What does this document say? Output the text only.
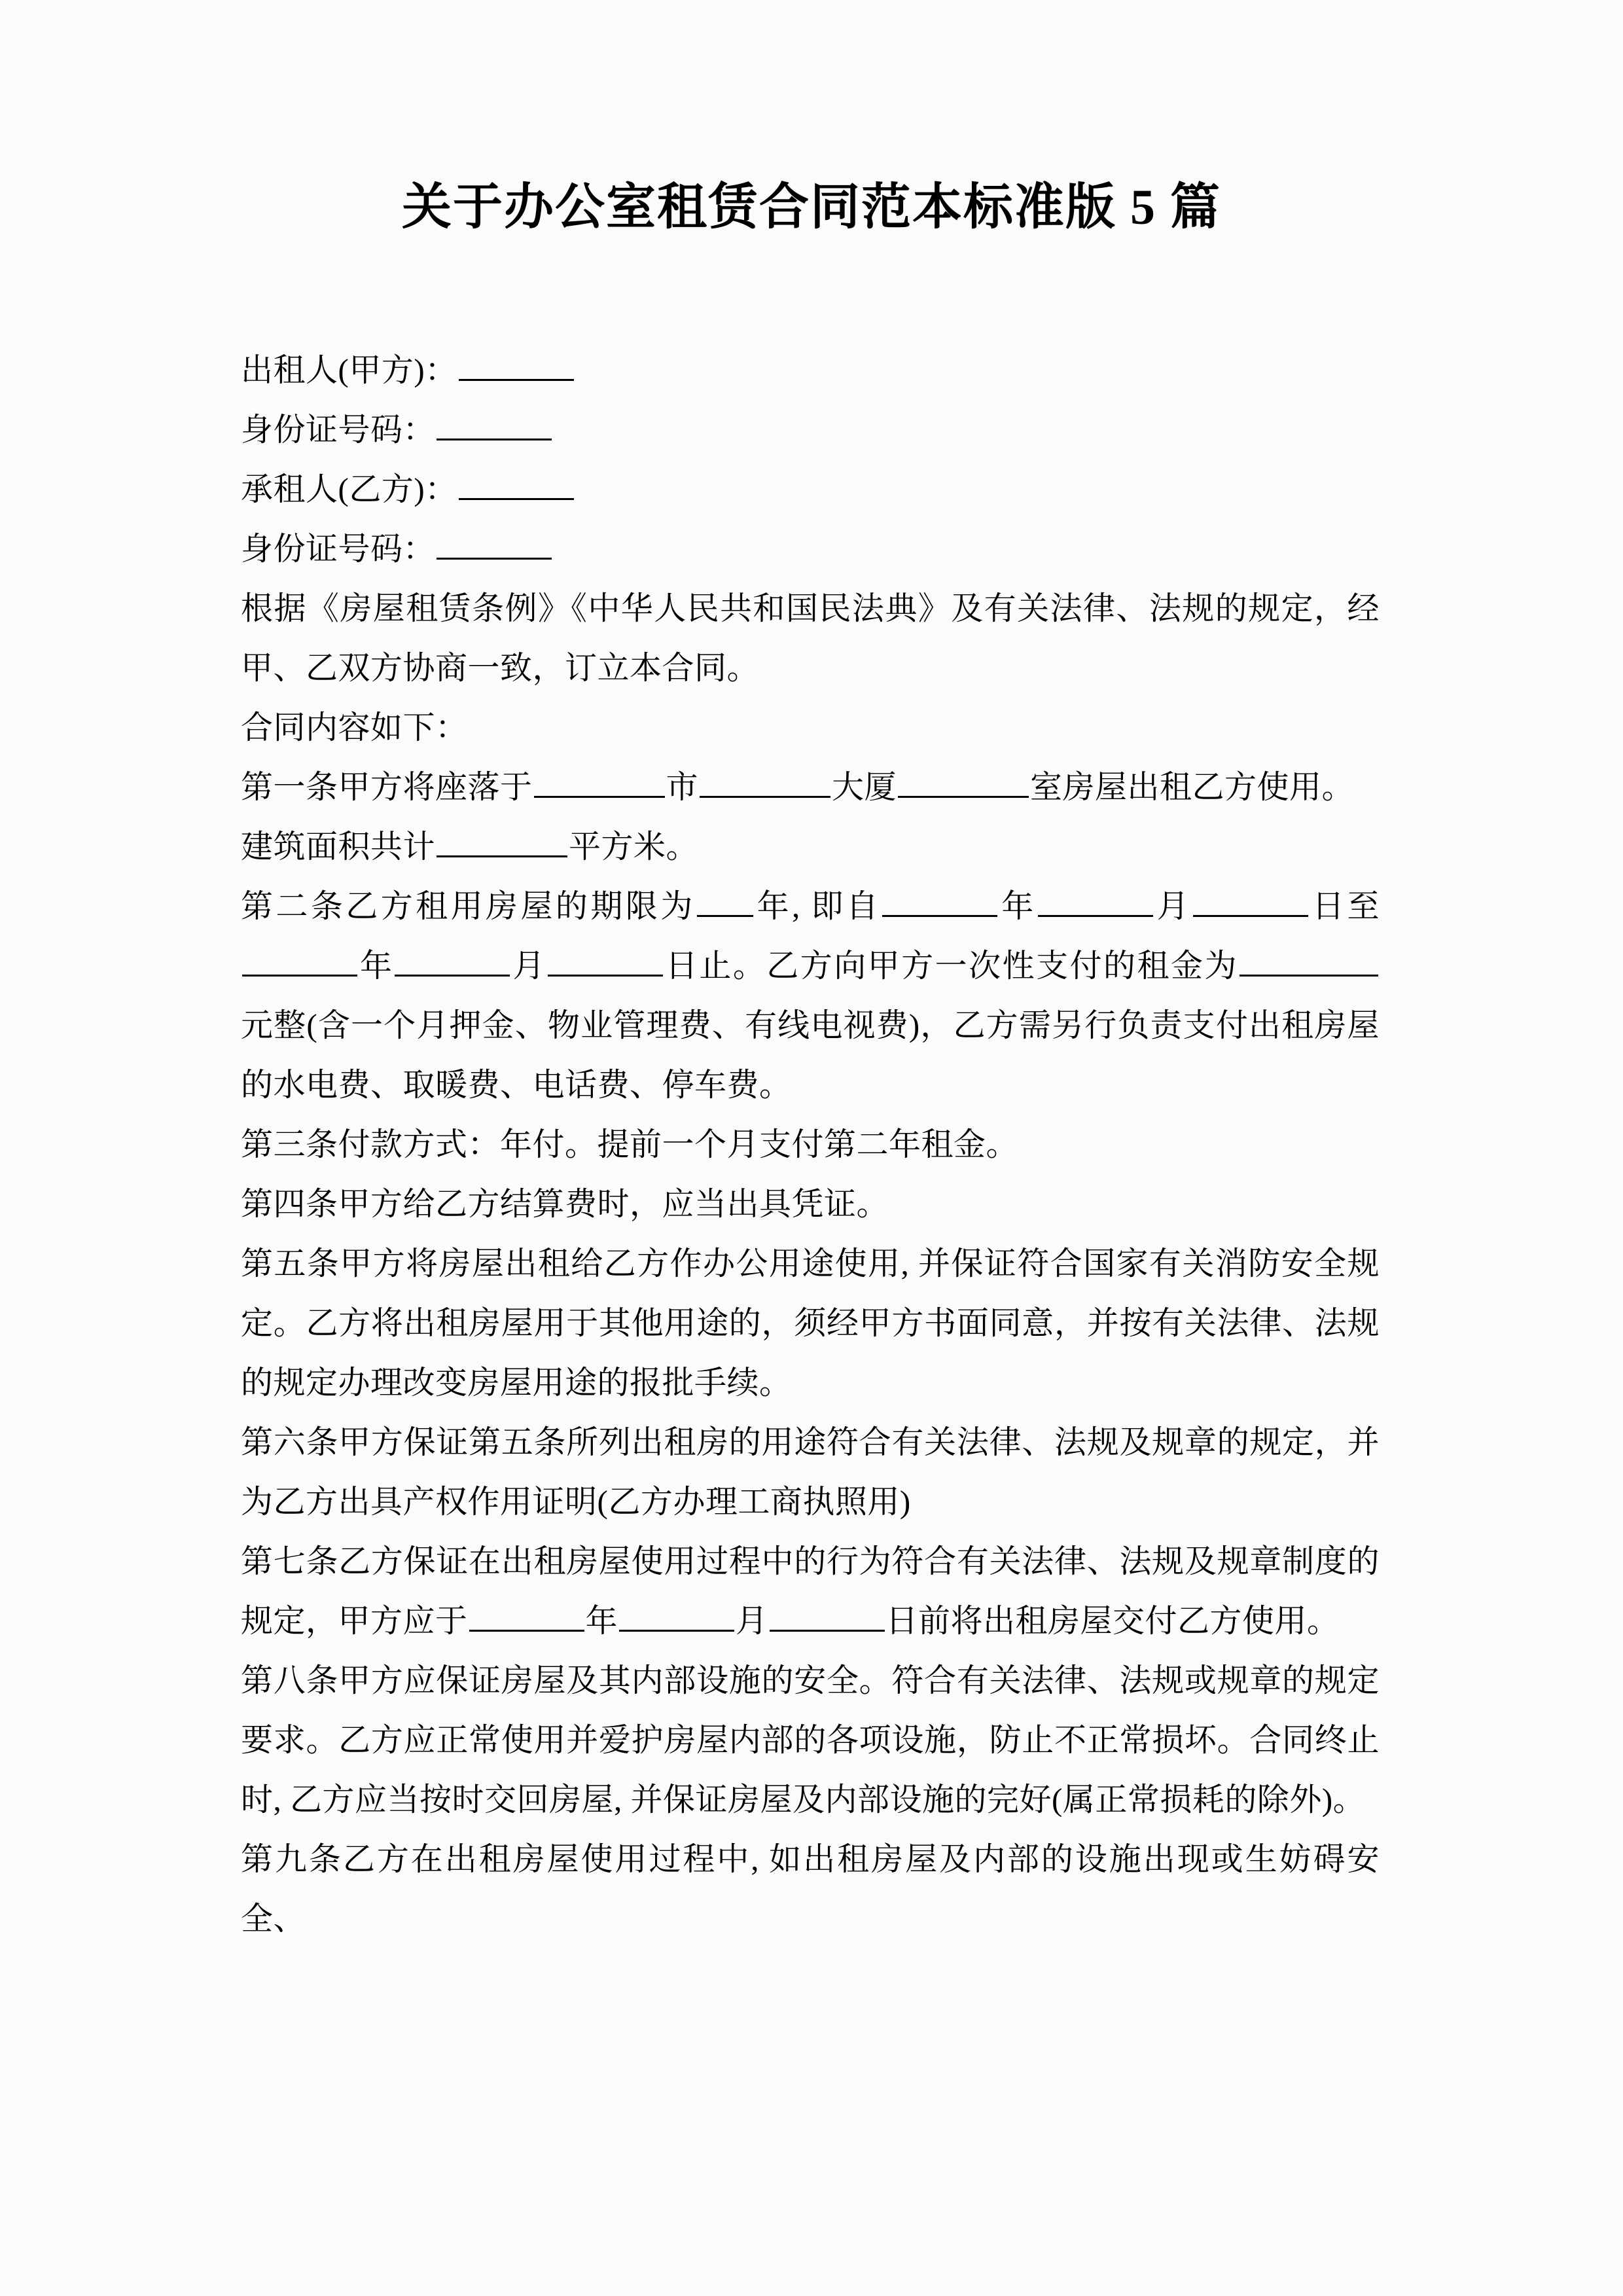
关于办公室租赁合同范本标准版 5 篇
出租人(甲方)：
身份证号码：
承租人(乙方)：
身份证号码：
根据《房屋租赁条例》《中华人民共和国民法典》及有关法律、法规的规定，经甲、乙双方协商一致，订立本合同。
合同内容如下：
第一条甲方将座落于	市	大厦	室房屋出租乙方使用。
建筑面积共计	平方米。
第二条乙方租用房屋的期限为 年, 即自	年	月	日至年	月	日止。乙方向甲方一次性支付的租金为元整(含一个月押金、物业管理费、有线电视费)，乙方需另行负责支付出租房屋的水电费、取暖费、电话费、停车费。
第三条付款方式：年付。提前一个月支付第二年租金。
第四条甲方给乙方结算费时，应当出具凭证。
第五条甲方将房屋出租给乙方作办公用途使用, 并保证符合国家有关消防安全规定。乙方将出租房屋用于其他用途的，须经甲方书面同意，并按有关法律、法规的规定办理改变房屋用途的报批手续。
第六条甲方保证第五条所列出租房的用途符合有关法律、法规及规章的规定，并为乙方出具产权作用证明(乙方办理工商执照用)
第七条乙方保证在出租房屋使用过程中的行为符合有关法律、法规及规章制度的规定，甲方应于	年	月	日前将出租房屋交付乙方使用。
第八条甲方应保证房屋及其内部设施的安全。符合有关法律、法规或规章的规定要求。乙方应正常使用并爱护房屋内部的各项设施，防止不正常损坏。合同终止时, 乙方应当按时交回房屋, 并保证房屋及内部设施的完好(属正常损耗的除外)。
第九条乙方在出租房屋使用过程中, 如出租房屋及内部的设施出现或生妨碍安全、
